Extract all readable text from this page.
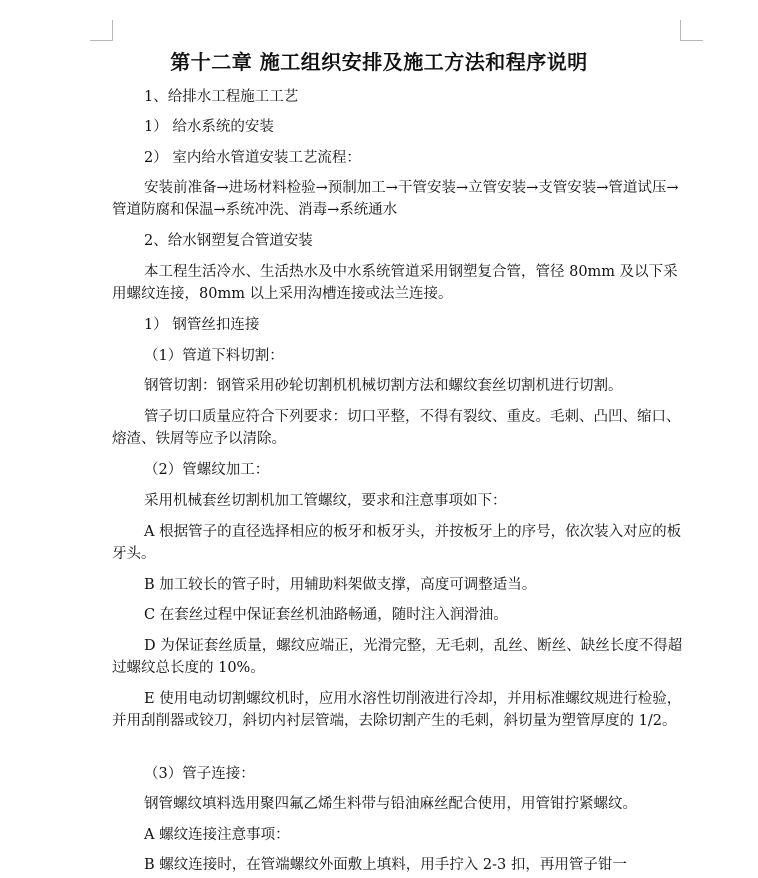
第十二章 施工组织安排及施工方法和程序说明

1、给排水工程施工工艺

1） 给水系统的安装

2） 室内给水管道安装工艺流程：

安装前准备→进场材料检验→预制加工→干管安装→立管安装→支管安装→管道试压→管道防腐和保温→系统冲洗、消毒→系统通水

2、给水钢塑复合管道安装

本工程生活冷水、生活热水及中水系统管道采用钢塑复合管，管径 80mm 及以下采用螺纹连接，80mm 以上采用沟槽连接或法兰连接。

1） 钢管丝扣连接

（1）管道下料切割：

钢管切割：钢管采用砂轮切割机机械切割方法和螺纹套丝切割机进行切割。

管子切口质量应符合下列要求：切口平整，不得有裂纹、重皮。毛刺、凸凹、缩口、熔渣、铁屑等应予以清除。

（2）管螺纹加工：

采用机械套丝切割机加工管螺纹，要求和注意事项如下：

A 根据管子的直径选择相应的板牙和板牙头，并按板牙上的序号，依次装入对应的板牙头。

B 加工较长的管子时，用辅助料架做支撑，高度可调整适当。

C 在套丝过程中保证套丝机油路畅通，随时注入润滑油。

D 为保证套丝质量，螺纹应端正，光滑完整，无毛刺，乱丝、断丝、缺丝长度不得超过螺纹总长度的 10%。

E 使用电动切割螺纹机时，应用水溶性切削液进行冷却，并用标准螺纹规进行检验，并用刮削器或铰刀，斜切内衬层管端，去除切割产生的毛刺，斜切量为塑管厚度的 1/2。

（3）管子连接：

钢管螺纹填料选用聚四氟乙烯生料带与铅油麻丝配合使用，用管钳拧紧螺纹。

A 螺纹连接注意事项：

B 螺纹连接时，在管端螺纹外面敷上填料，用手拧入 2-3 扣，再用管子钳一
